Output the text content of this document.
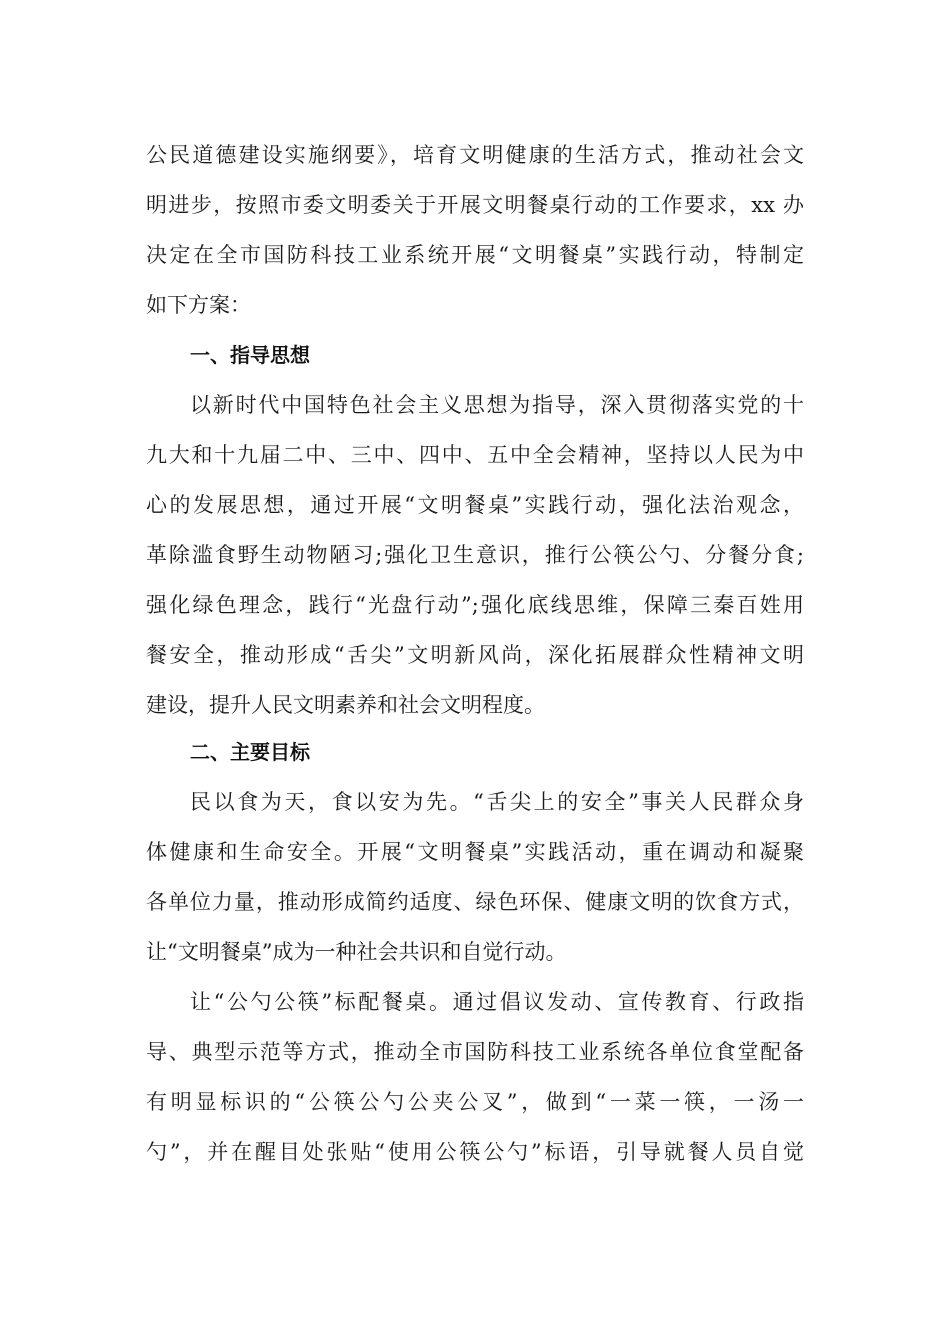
公民道德建设实施纲要》，培育文明健康的生活方式，推动社会文
明进步，按照市委文明委关于开展文明餐桌行动的工作要求，xx 办
决定在全市国防科技工业系统开展“文明餐桌”实践行动，特制定
如下方案：
一、指导思想
以新时代中国特色社会主义思想为指导，深入贯彻落实党的十
九大和十九届二中、三中、四中、五中全会精神，坚持以人民为中
心的发展思想，通过开展“文明餐桌”实践行动，强化法治观念，
革除滥食野生动物陋习;强化卫生意识，推行公筷公勺、分餐分食;
强化绿色理念，践行“光盘行动”;强化底线思维，保障三秦百姓用
餐安全，推动形成“舌尖”文明新风尚，深化拓展群众性精神文明
建设，提升人民文明素养和社会文明程度。
二、主要目标
民以食为天，食以安为先。“舌尖上的安全”事关人民群众身
体健康和生命安全。开展“文明餐桌”实践活动，重在调动和凝聚
各单位力量，推动形成简约适度、绿色环保、健康文明的饮食方式，
让“文明餐桌”成为一种社会共识和自觉行动。
让“公勺公筷”标配餐桌。通过倡议发动、宣传教育、行政指
导、典型示范等方式，推动全市国防科技工业系统各单位食堂配备
有明显标识的“公筷公勺公夹公叉”，做到“一菜一筷，一汤一
勺”，并在醒目处张贴“使用公筷公勺”标语，引导就餐人员自觉
